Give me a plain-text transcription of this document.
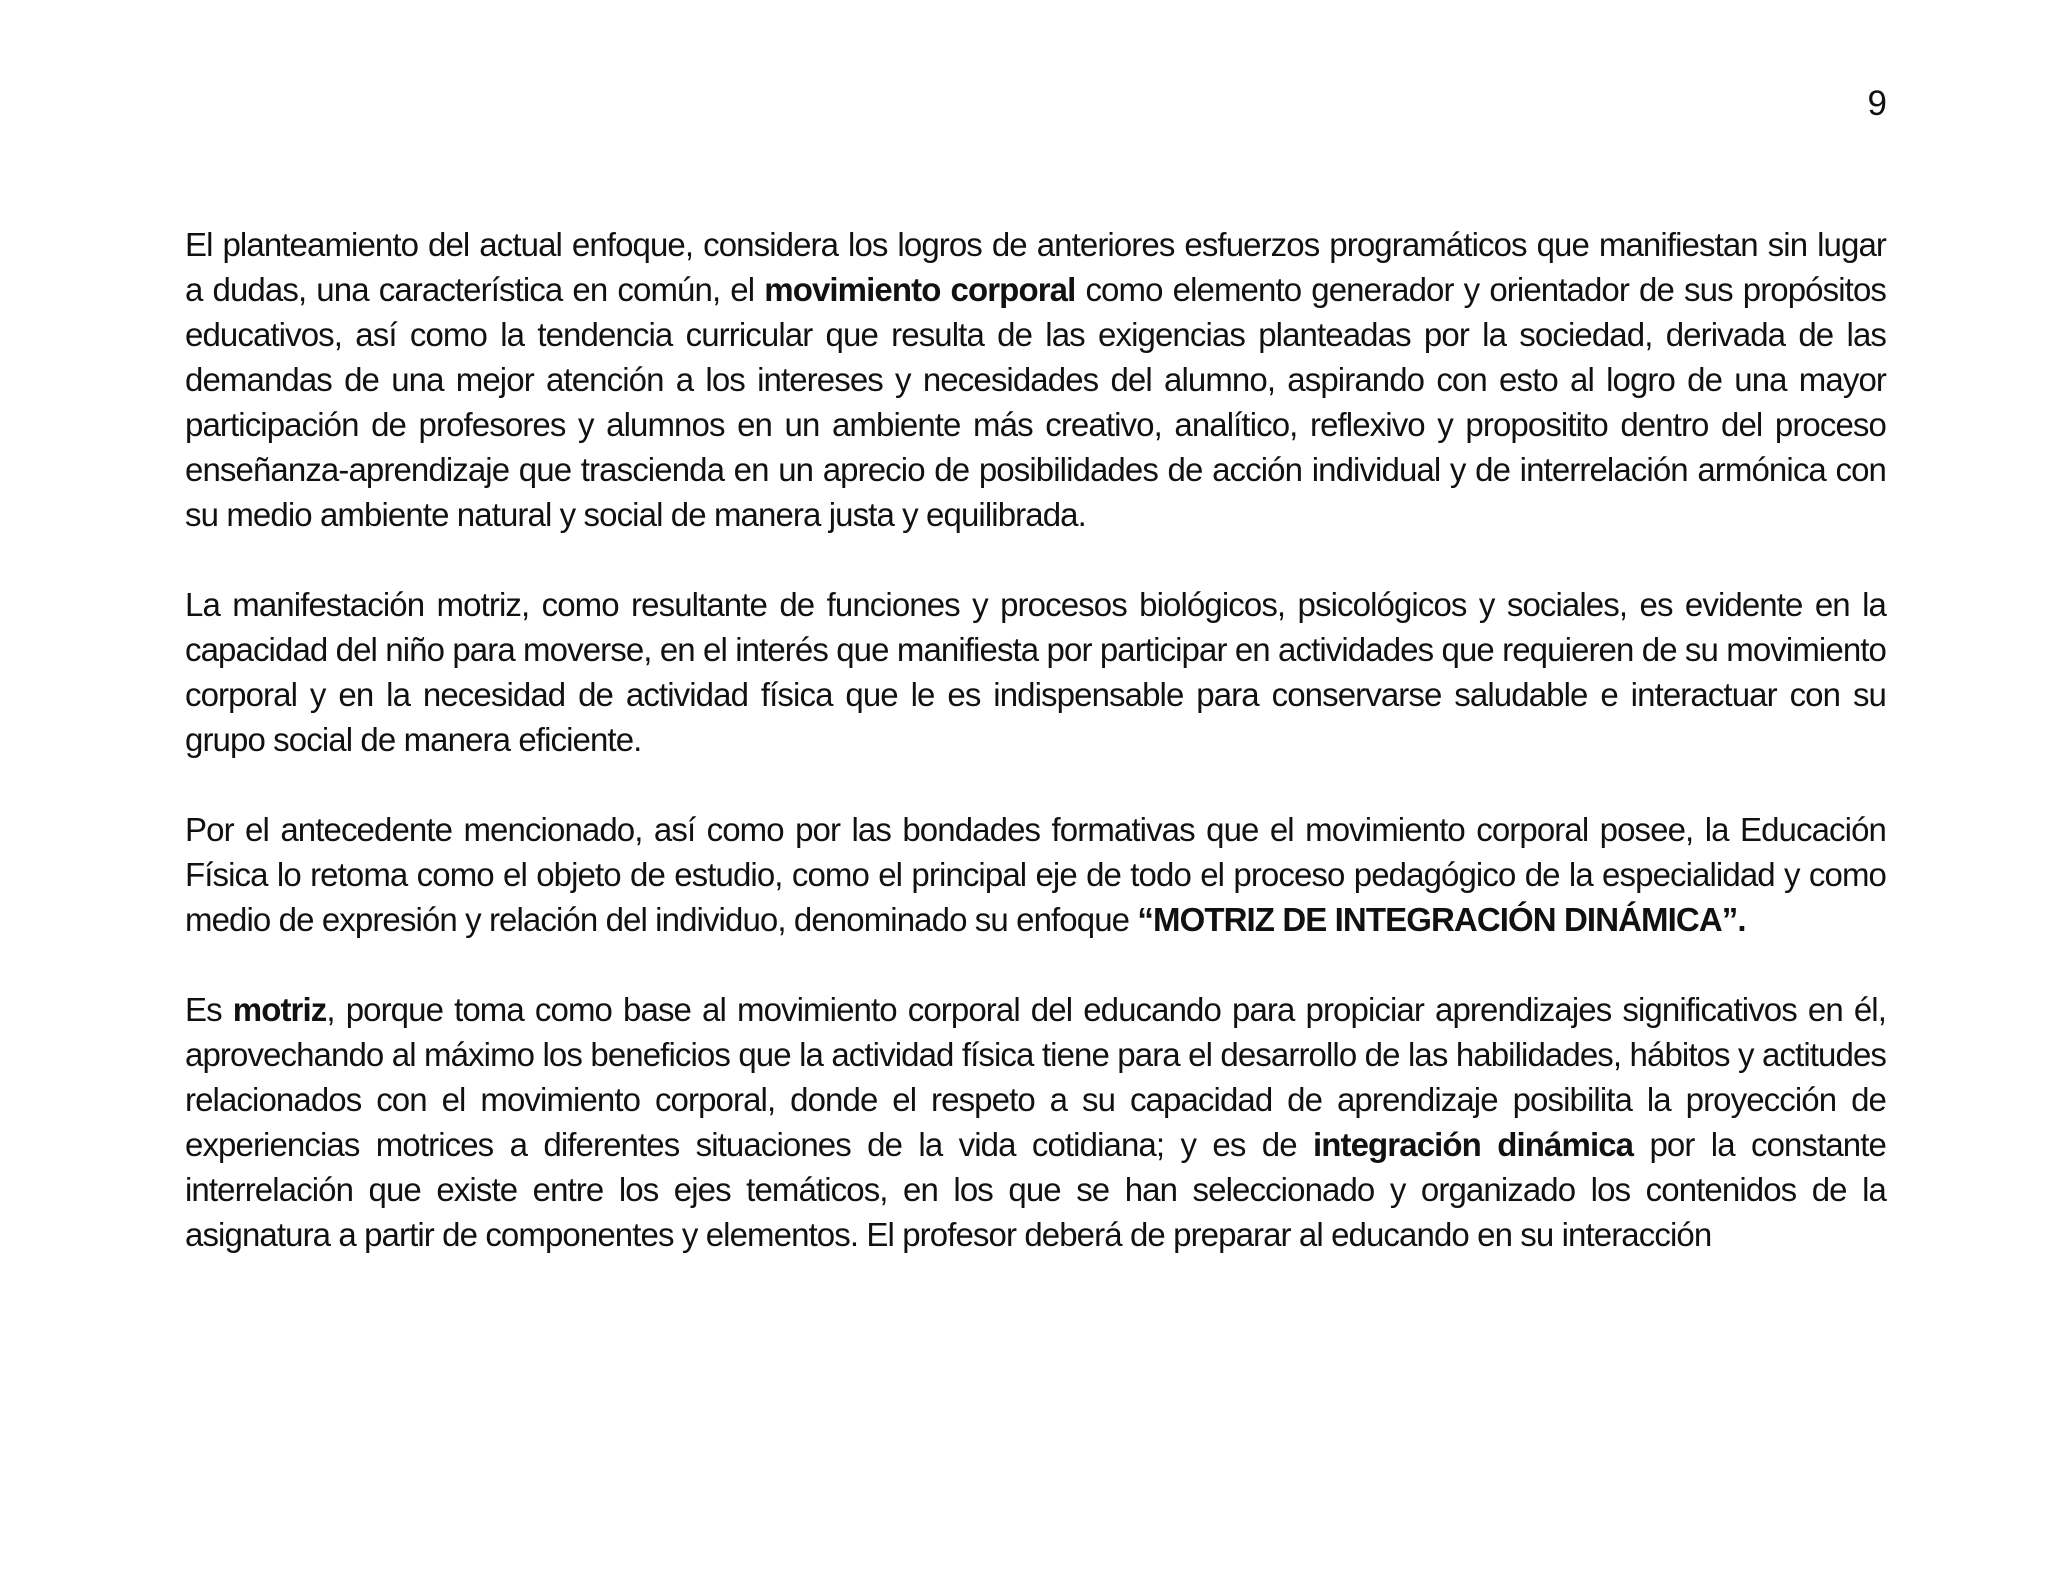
9

El planteamiento del actual enfoque, considera los logros de anteriores esfuerzos programáticos que manifiestan sin lugar a dudas, una característica en común, el movimiento corporal como elemento generador y orientador de sus propósitos educativos, así como la tendencia curricular que resulta de las exigencias planteadas por la sociedad, derivada de las demandas de una mejor atención a los intereses y necesidades del alumno, aspirando con esto al logro de una mayor participación de profesores y alumnos en un ambiente más creativo, analítico, reflexivo y propositito dentro del proceso enseñanza-aprendizaje que trascienda en un aprecio de posibilidades de acción individual y de interrelación armónica con su medio ambiente natural y social de manera justa y equilibrada.

La manifestación motriz, como resultante de funciones y procesos biológicos, psicológicos y sociales, es evidente en la capacidad del niño para moverse, en el interés que manifiesta por participar en actividades que requieren de su movimiento corporal y en la necesidad de actividad física que le es indispensable para conservarse saludable e interactuar con su grupo social de manera eficiente.

Por el antecedente mencionado, así como por las bondades formativas que el movimiento corporal posee, la Educación Física lo retoma como el objeto de estudio, como el principal eje de todo el proceso pedagógico de la especialidad y como medio de expresión y relación del individuo, denominado su enfoque “MOTRIZ DE INTEGRACIÓN DINÁMICA”.

Es motriz, porque toma como base al movimiento corporal del educando para propiciar aprendizajes significativos en él, aprovechando al máximo los beneficios que la actividad física tiene para el desarrollo de las habilidades, hábitos y actitudes relacionados con el movimiento corporal, donde el respeto a su capacidad de aprendizaje posibilita la proyección de experiencias motrices a diferentes situaciones de la vida cotidiana; y es de integración dinámica por la constante interrelación que existe entre los ejes temáticos, en los que se han seleccionado y organizado los contenidos de la asignatura a partir de componentes y elementos. El profesor deberá de preparar al educando en su interacción
